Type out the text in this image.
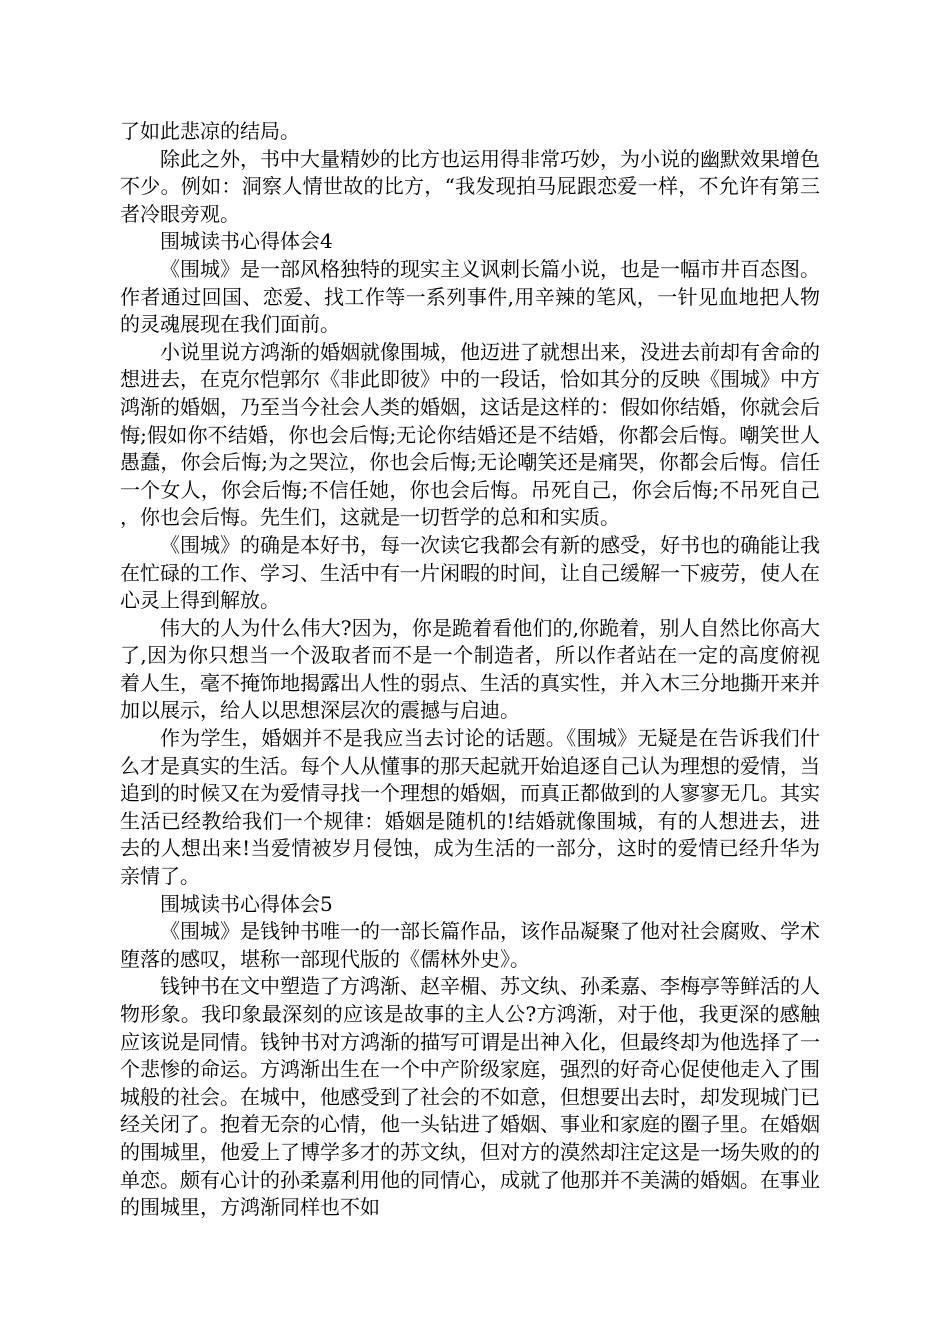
了如此悲凉的结局。

除此之外，书中大量精妙的比方也运用得非常巧妙，为小说的幽默效果增色不少。例如：洞察人情世故的比方，“我发现拍马屁跟恋爱一样，不允许有第三者冷眼旁观。

围城读书心得体会4

《围城》是一部风格独特的现实主义讽刺长篇小说，也是一幅市井百态图。作者通过回国、恋爱、找工作等一系列事件,用辛辣的笔风，一针见血地把人物的灵魂展现在我们面前。

小说里说方鸿渐的婚姻就像围城，他迈进了就想出来，没进去前却有舍命的想进去，在克尔恺郭尔《非此即彼》中的一段话，恰如其分的反映《围城》中方鸿渐的婚姻，乃至当今社会人类的婚姻，这话是这样的：假如你结婚，你就会后悔;假如你不结婚，你也会后悔;无论你结婚还是不结婚，你都会后悔。嘲笑世人愚蠢，你会后悔;为之哭泣，你也会后悔;无论嘲笑还是痛哭，你都会后悔。信任一个女人，你会后悔;不信任她，你也会后悔。吊死自己，你会后悔;不吊死自己，你也会后悔。先生们，这就是一切哲学的总和和实质。

《围城》的确是本好书，每一次读它我都会有新的感受，好书也的确能让我在忙碌的工作、学习、生活中有一片闲暇的时间，让自己缓解一下疲劳，使人在心灵上得到解放。

伟大的人为什么伟大?因为，你是跪着看他们的,你跪着，别人自然比你高大了,因为你只想当一个汲取者而不是一个制造者，所以作者站在一定的高度俯视着人生，毫不掩饰地揭露出人性的弱点、生活的真实性，并入木三分地撕开来并加以展示，给人以思想深层次的震撼与启迪。

作为学生，婚姻并不是我应当去讨论的话题。《围城》无疑是在告诉我们什么才是真实的生活。每个人从懂事的那天起就开始追逐自己认为理想的爱情，当追到的时候又在为爱情寻找一个理想的婚姻，而真正都做到的人寥寥无几。其实生活已经教给我们一个规律：婚姻是随机的!结婚就像围城，有的人想进去，进去的人想出来!当爱情被岁月侵蚀，成为生活的一部分，这时的爱情已经升华为亲情了。

围城读书心得体会5

《围城》是钱钟书唯一的一部长篇作品，该作品凝聚了他对社会腐败、学术堕落的感叹，堪称一部现代版的《儒林外史》。

钱钟书在文中塑造了方鸿渐、赵辛楣、苏文纨、孙柔嘉、李梅亭等鲜活的人物形象。我印象最深刻的应该是故事的主人公?方鸿渐，对于他，我更深的感触应该说是同情。钱钟书对方鸿渐的描写可谓是出神入化，但最终却为他选择了一个悲惨的命运。方鸿渐出生在一个中产阶级家庭，强烈的好奇心促使他走入了围城般的社会。在城中，他感受到了社会的不如意，但想要出去时，却发现城门已经关闭了。抱着无奈的心情，他一头钻进了婚姻、事业和家庭的圈子里。在婚姻的围城里，他爱上了博学多才的苏文纨，但对方的漠然却注定这是一场失败的的单恋。颇有心计的孙柔嘉利用他的同情心，成就了他那并不美满的婚姻。在事业的围城里，方鸿渐同样也不如
